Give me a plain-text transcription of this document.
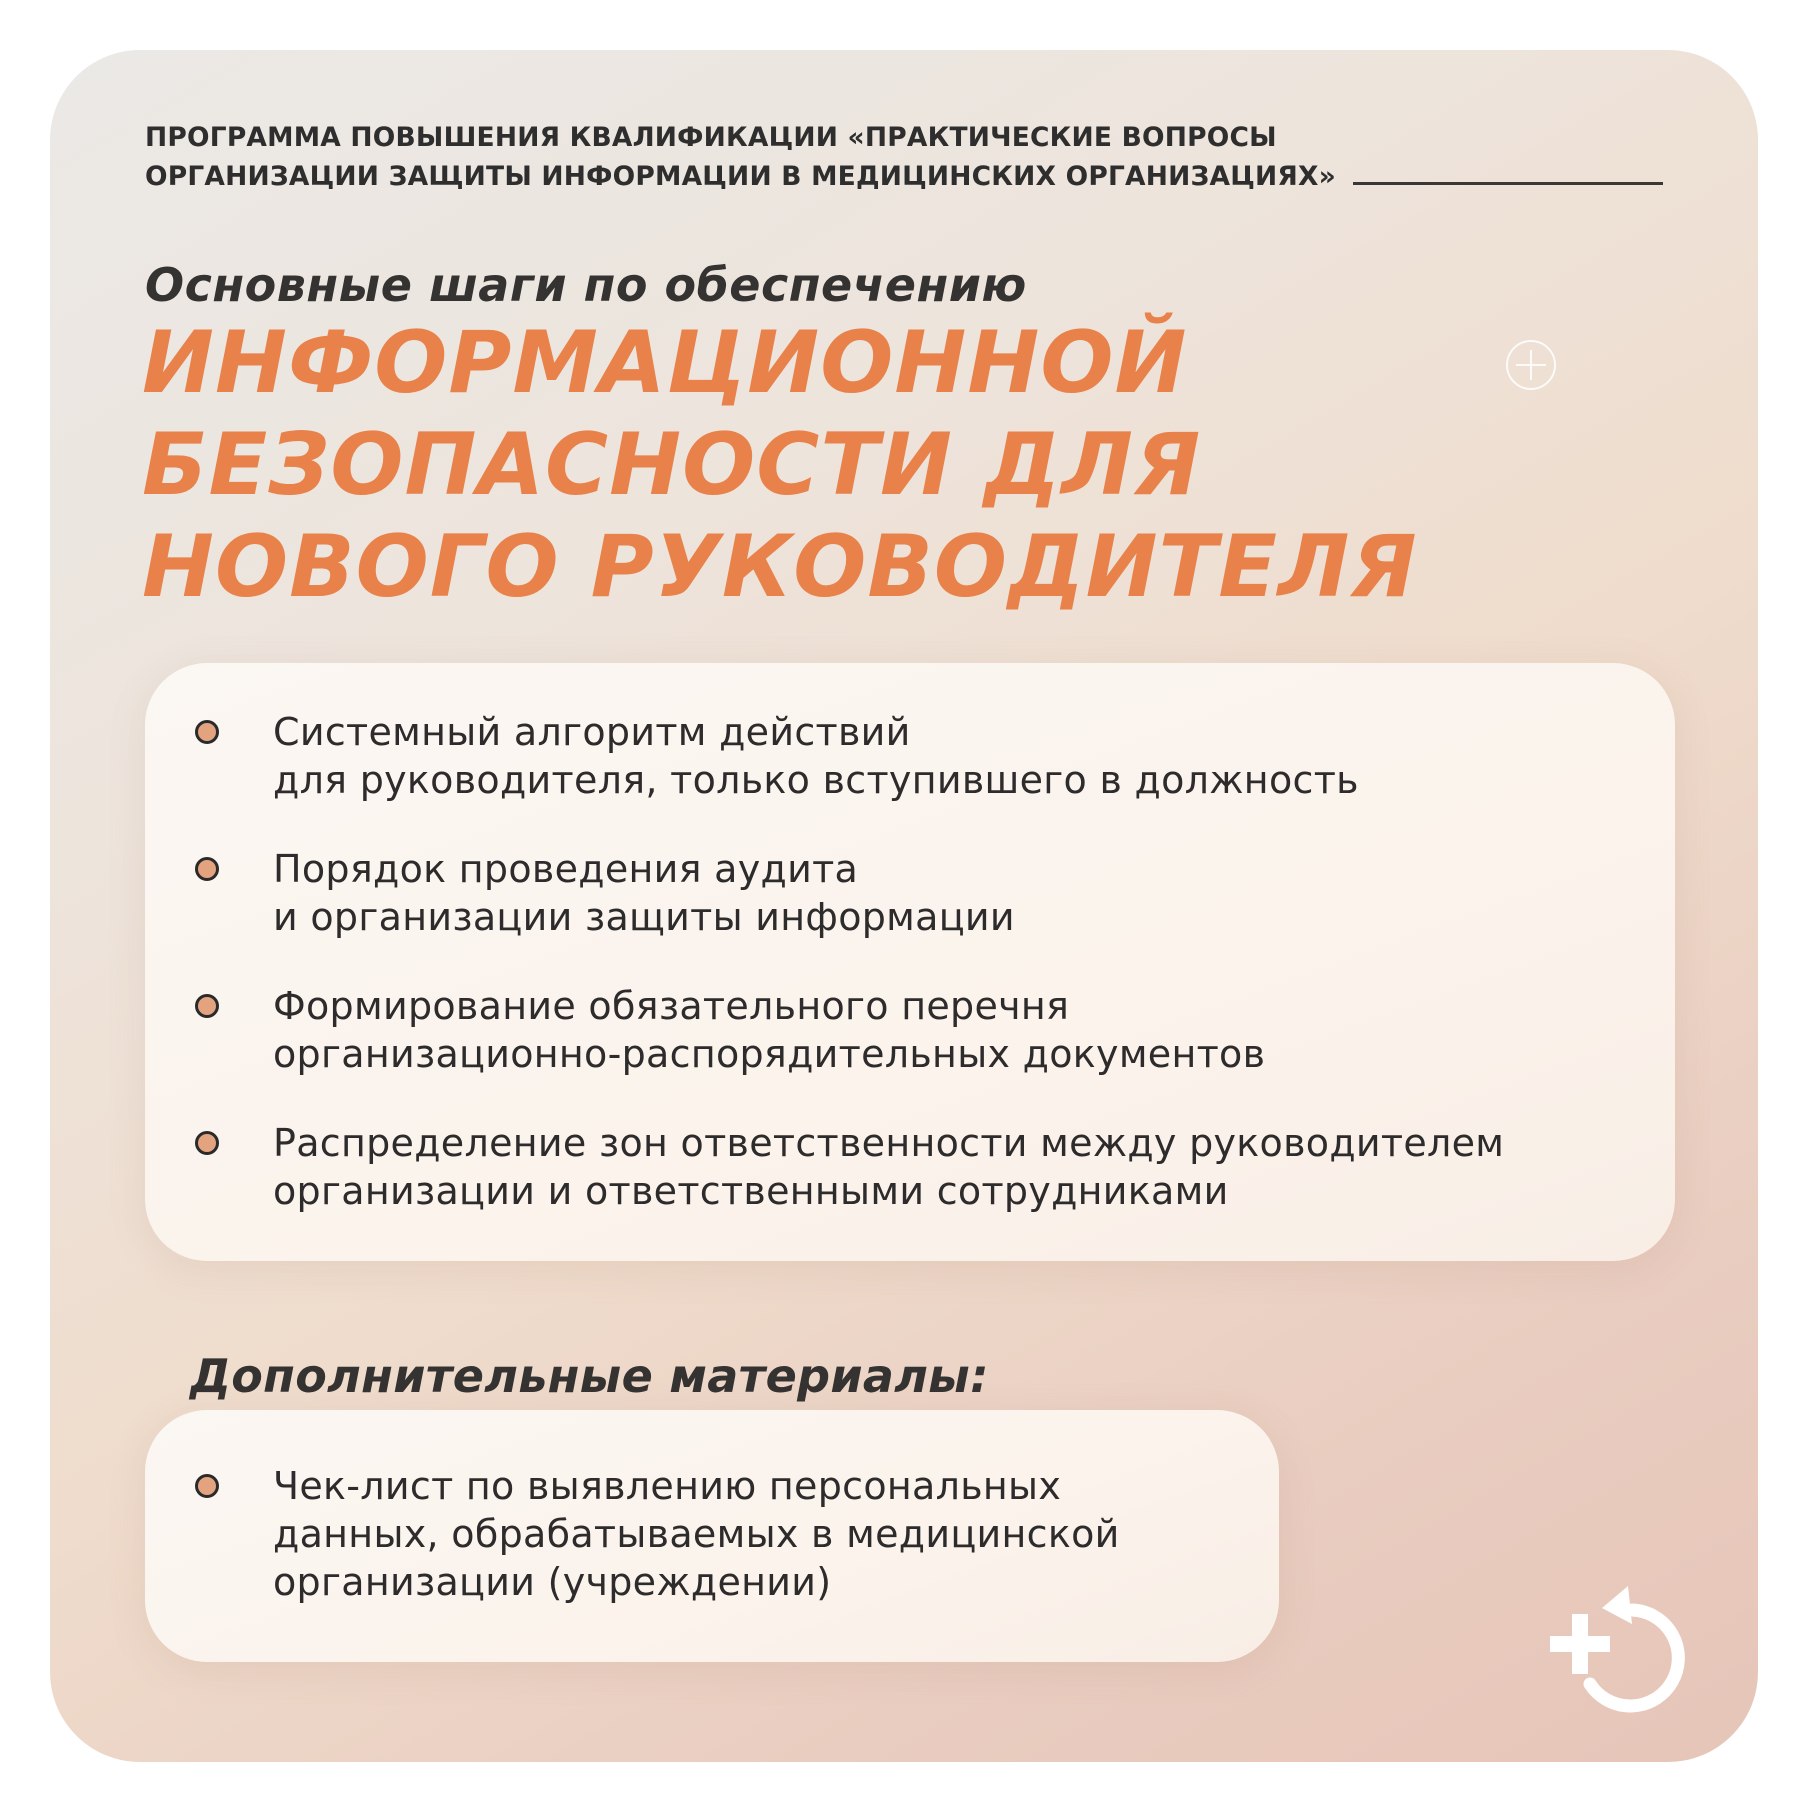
ПРОГРАММА ПОВЫШЕНИЯ КВАЛИФИКАЦИИ «ПРАКТИЧЕСКИЕ ВОПРОСЫ
ОРГАНИЗАЦИИ ЗАЩИТЫ ИНФОРМАЦИИ В МЕДИЦИНСКИХ ОРГАНИЗАЦИЯХ»
Основные шаги по обеспечению
ИНФОРМАЦИОННОЙ
БЕЗОПАСНОСТИ ДЛЯ
НОВОГО РУКОВОДИТЕЛЯ
Системный алгоритм действий
для руководителя, только вступившего в должность
Порядок проведения аудита
и организации защиты информации
Формирование обязательного перечня
организационно-распорядительных документов
Распределение зон ответственности между руководителем
организации и ответственными сотрудниками
Дополнительные материалы:
Чек-лист по выявлению персональных
данных, обрабатываемых в медицинской
организации (учреждении)
